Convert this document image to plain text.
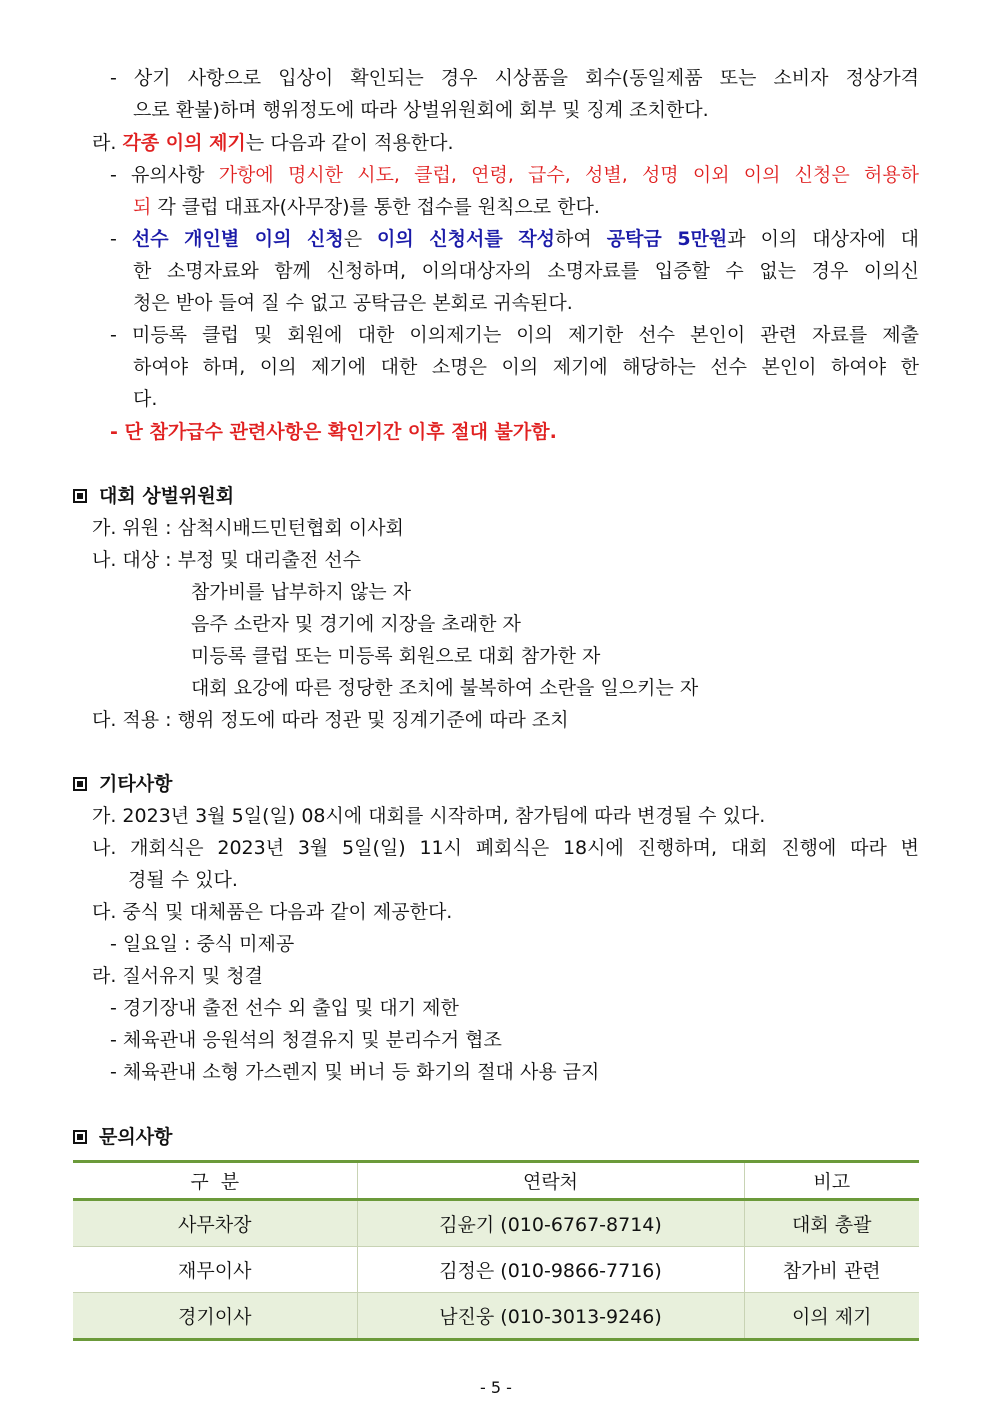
- 상기 사항으로 입상이 확인되는 경우 시상품을 회수(동일제품 또는 소비자 정상가격
으로 환불)하며 행위정도에 따라 상벌위원회에 회부 및 징계 조치한다.
라. 각종 이의 제기는 다음과 같이 적용한다.
- 유의사항 가항에 명시한 시도, 클럽, 연령, 급수, 성별, 성명 이외 이의 신청은 허용하
되 각 클럽 대표자(사무장)를 통한 접수를 원칙으로 한다.
- 선수 개인별 이의 신청은 이의 신청서를 작성하여 공탁금 5만원과 이의 대상자에 대
한 소명자료와 함께 신청하며, 이의대상자의 소명자료를 입증할 수 없는 경우 이의신
청은 받아 들여 질 수 없고 공탁금은 본회로 귀속된다.
- 미등록 클럽 및 회원에 대한 이의제기는 이의 제기한 선수 본인이 관련 자료를 제출
하여야 하며, 이의 제기에 대한 소명은 이의 제기에 해당하는 선수 본인이 하여야 한
다.
- 단 참가급수 관련사항은 확인기간 이후 절대 불가함.
대회 상벌위원회
가. 위원 : 삼척시배드민턴협회 이사회
나. 대상 : 부정 및 대리출전 선수
참가비를 납부하지 않는 자
음주 소란자 및 경기에 지장을 초래한 자
미등록 클럽 또는 미등록 회원으로 대회 참가한 자
대회 요강에 따른 정당한 조치에 불복하여 소란을 일으키는 자
다. 적용 : 행위 정도에 따라 정관 및 징계기준에 따라 조치
기타사항
가. 2023년 3월 5일(일) 08시에 대회를 시작하며, 참가팀에 따라 변경될 수 있다.
나. 개회식은 2023년 3월 5일(일) 11시 폐회식은 18시에 진행하며, 대회 진행에 따라 변
경될 수 있다.
다. 중식 및 대체품은 다음과 같이 제공한다.
- 일요일 : 중식 미제공
라. 질서유지 및 청결
- 경기장내 출전 선수 외 출입 및 대기 제한
- 체육관내 응원석의 청결유지 및 분리수거 협조
- 체육관내 소형 가스렌지 및 버너 등 화기의 절대 사용 금지
문의사항
구  분	연락처	비고
사무차장	김윤기 (010-6767-8714)	대회 총괄
재무이사	김정은 (010-9866-7716)	참가비 관련
경기이사	남진웅 (010-3013-9246)	이의 제기
- 5 -
